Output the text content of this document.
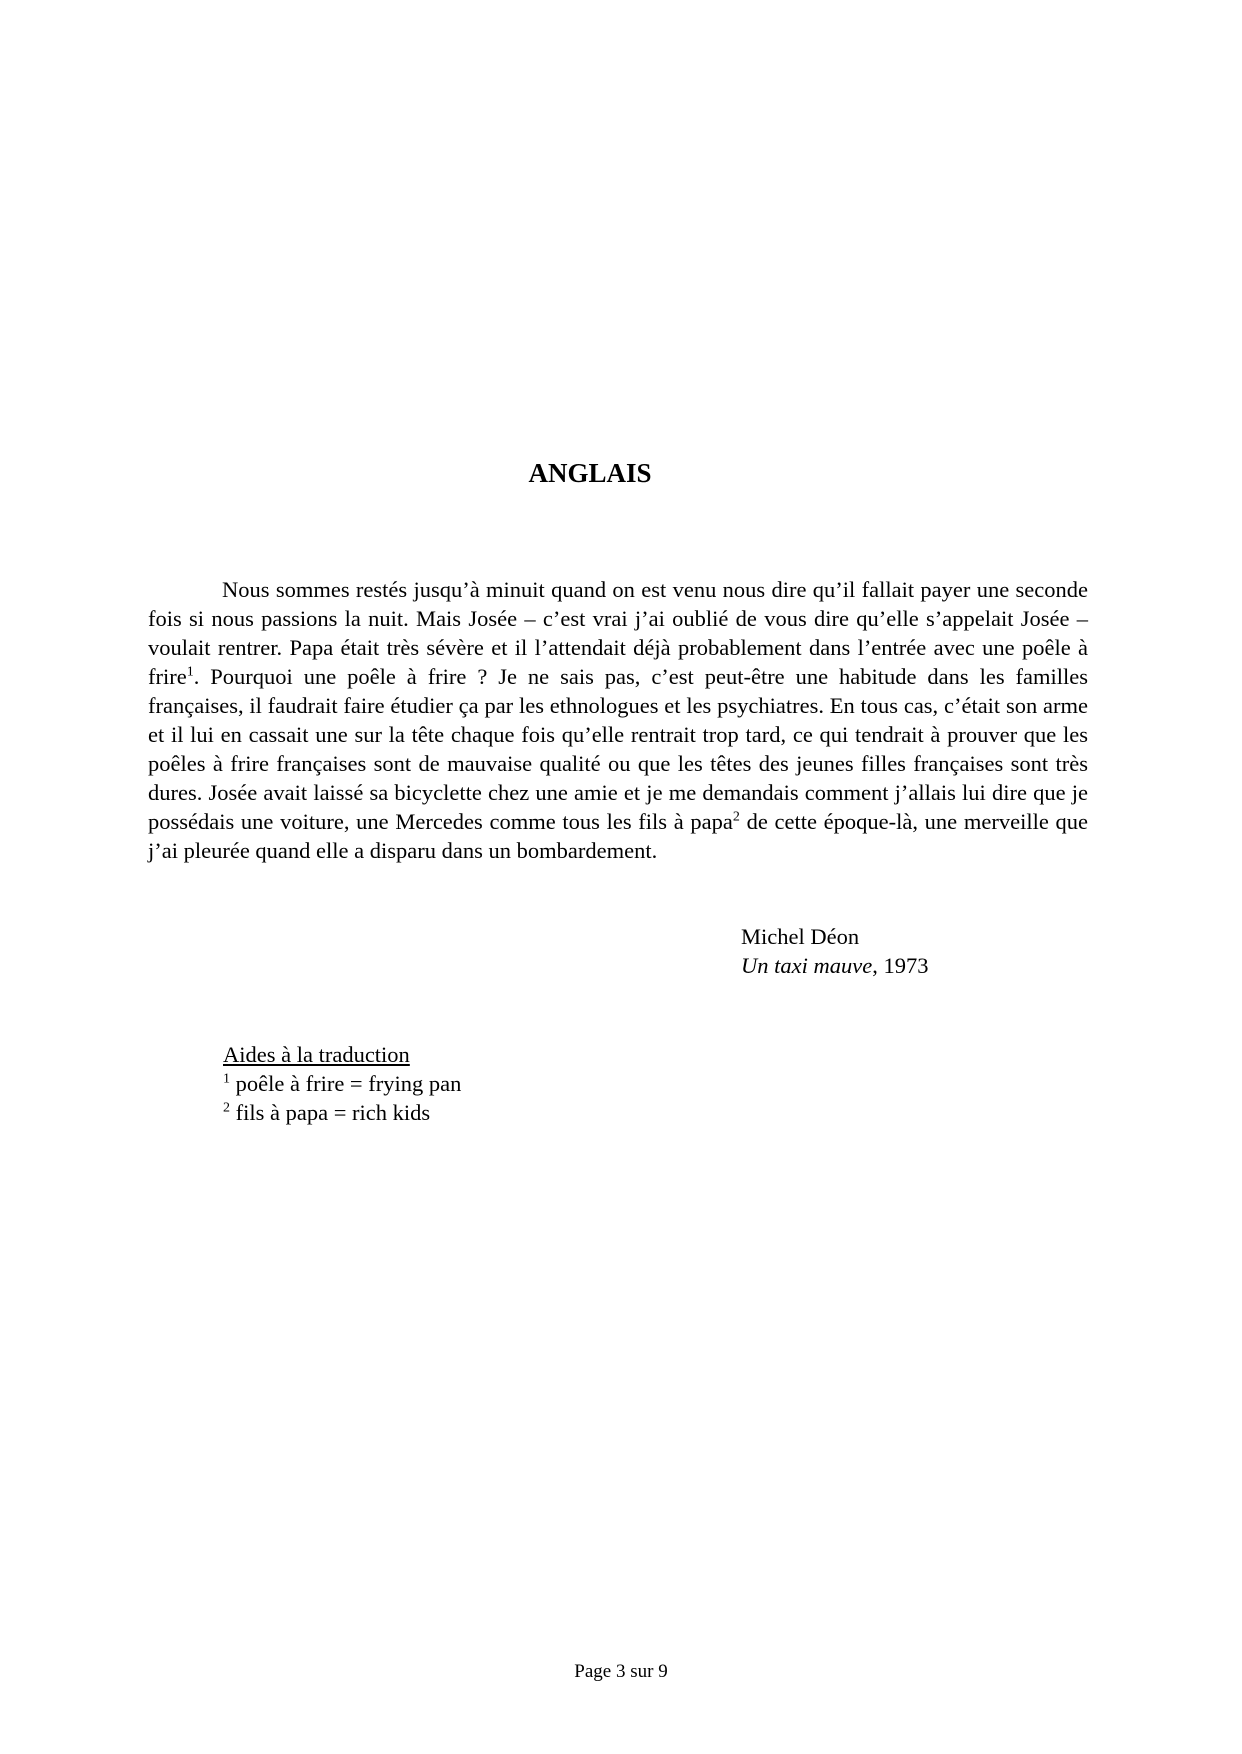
ANGLAIS

Nous sommes restés jusqu’à minuit quand on est venu nous dire qu’il fallait payer une seconde fois si nous passions la nuit. Mais Josée – c’est vrai j’ai oublié de vous dire qu’elle s’appelait Josée – voulait rentrer. Papa était très sévère et il l’attendait déjà probablement dans l’entrée avec une poêle à frire$^1$. Pourquoi une poêle à frire ? Je ne sais pas, c’est peut-être une habitude dans les familles françaises, il faudrait faire étudier ça par les ethnologues et les psychiatres. En tous cas, c’était son arme et il lui en cassait une sur la tête chaque fois qu’elle rentrait trop tard, ce qui tendrait à prouver que les poêles à frire françaises sont de mauvaise qualité ou que les têtes des jeunes filles françaises sont très dures. Josée avait laissé sa bicyclette chez une amie et je me demandais comment j’allais lui dire que je possédais une voiture, une Mercedes comme tous les fils à papa$^2$ de cette époque-là, une merveille que j’ai pleurée quand elle a disparu dans un bombardement.

Michel Déon
Un taxi mauve, 1973
Aides à la traduction
$^1$ poêle à frire = frying pan
$^2$ fils à papa = rich kids
Page 3 sur 9
